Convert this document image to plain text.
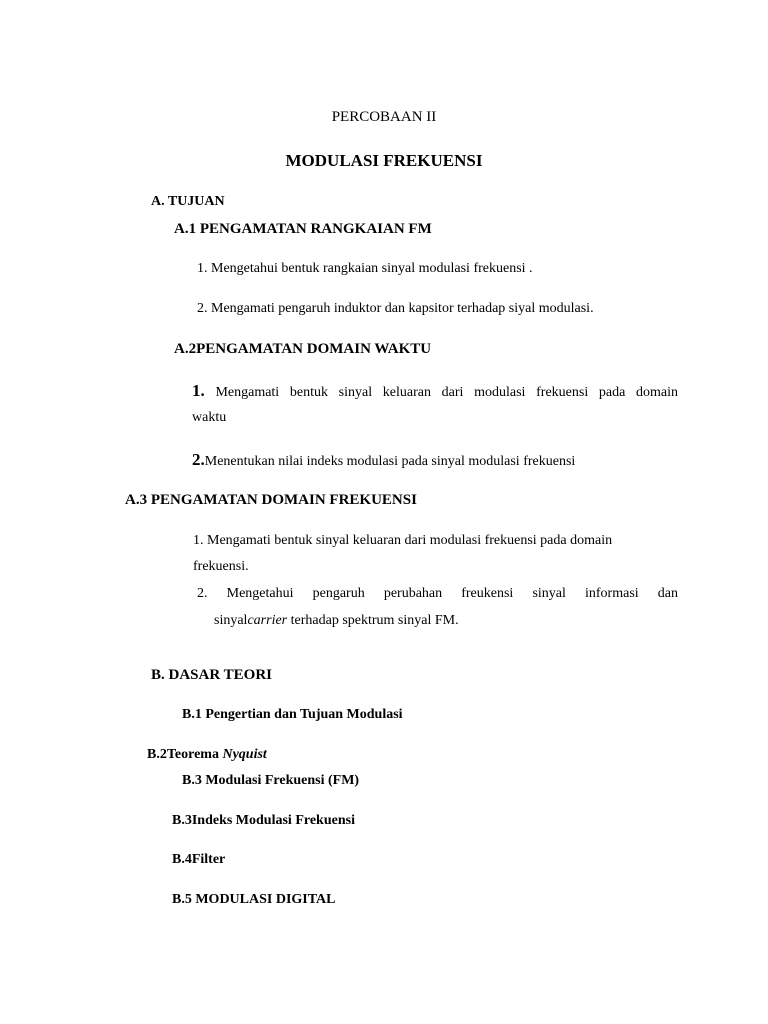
PERCOBAAN II
MODULASI FREKUENSI
A. TUJUAN
A.1 PENGAMATAN RANGKAIAN FM
1. Mengetahui bentuk rangkaian sinyal modulasi frekuensi .
2. Mengamati pengaruh induktor dan kapsitor terhadap siyal modulasi.
A.2PENGAMATAN DOMAIN WAKTU
1. Mengamati bentuk sinyal keluaran dari modulasi frekuensi pada domain
waktu
2.Menentukan nilai indeks modulasi pada sinyal modulasi frekuensi
A.3 PENGAMATAN DOMAIN FREKUENSI
1. Mengamati bentuk sinyal keluaran dari modulasi frekuensi pada domain
frekuensi.
2. Mengetahui pengaruh perubahan freukensi sinyal informasi dan
sinyalcarrier terhadap spektrum sinyal FM.
B. DASAR TEORI
B.1 Pengertian dan Tujuan Modulasi
B.2Teorema Nyquist
B.3 Modulasi Frekuensi (FM)
B.3Indeks Modulasi Frekuensi
B.4Filter
B.5 MODULASI DIGITAL
